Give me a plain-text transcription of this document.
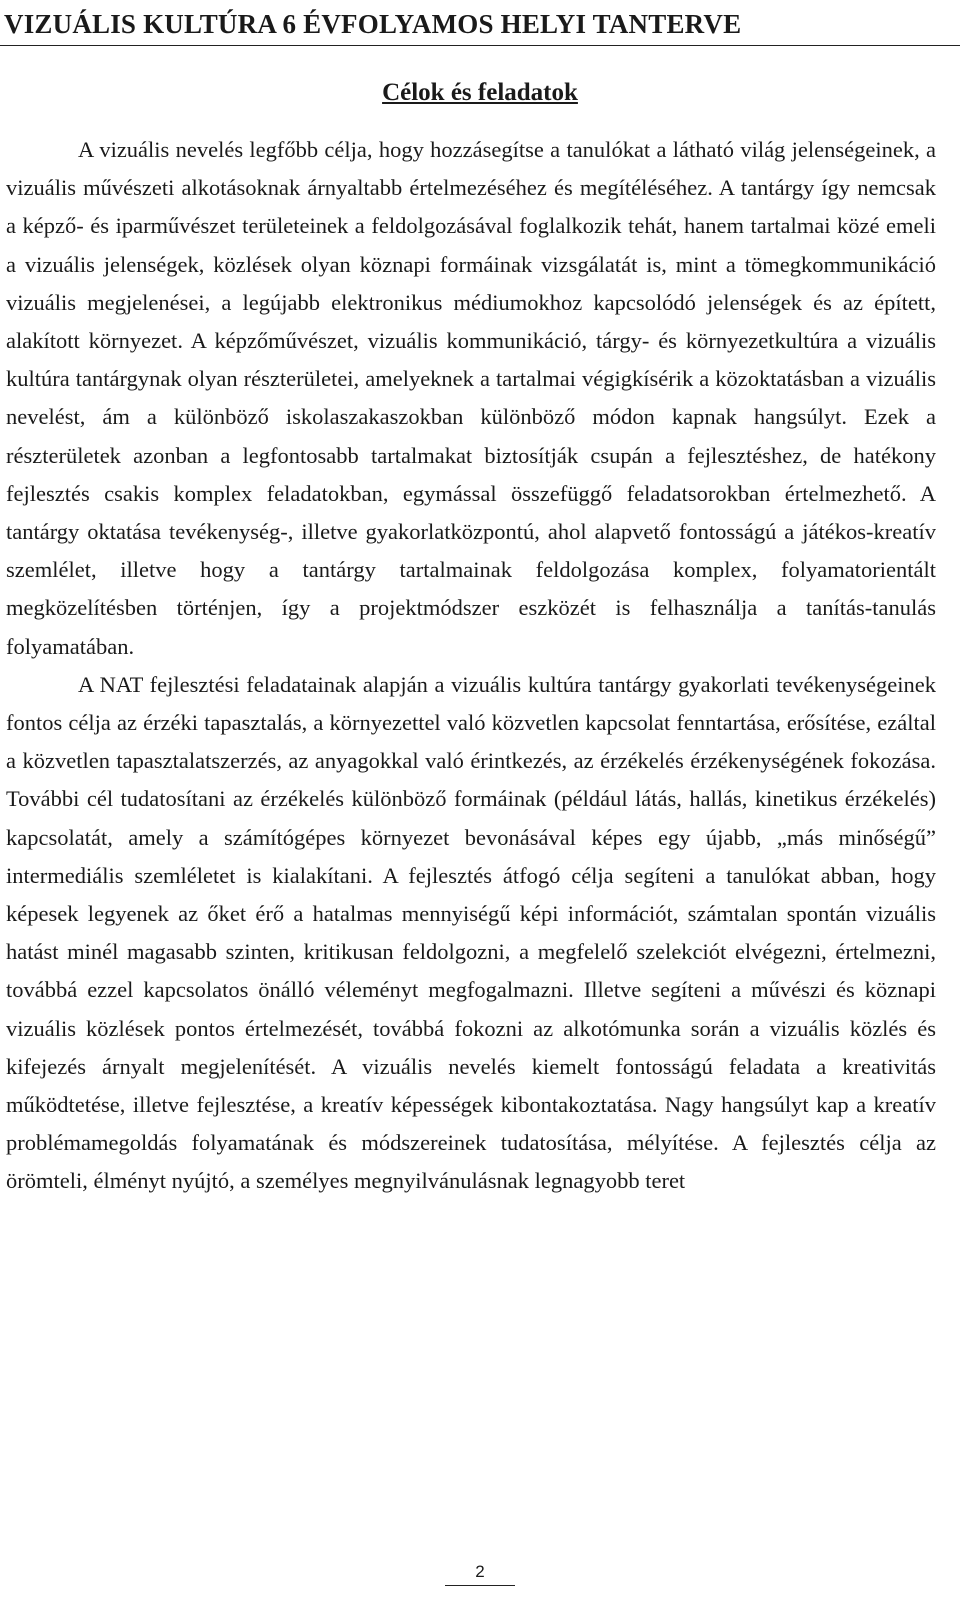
VIZUÁLIS KULTÚRA 6 ÉVFOLYAMOS HELYI TANTERVE
Célok és feladatok

A vizuális nevelés legfőbb célja, hogy hozzásegítse a tanulókat a látható világ jelenségeinek, a vizuális művészeti alkotásoknak árnyaltabb értelmezéséhez és megítéléséhez. A tantárgy így nemcsak a képző- és iparművészet területeinek a feldolgozásával foglalkozik tehát, hanem tartalmai közé emeli a vizuális jelenségek, közlések olyan köznapi formáinak vizsgálatát is, mint a tömegkommunikáció vizuális megjelenései, a legújabb elektronikus médiumokhoz kapcsolódó jelenségek és az épített, alakított környezet. A képzőművészet, vizuális kommunikáció, tárgy- és környezetkultúra a vizuális kultúra tantárgynak olyan részterületei, amelyeknek a tartalmai végigkísérik a közoktatásban a vizuális nevelést, ám a különböző iskolaszakaszokban különböző módon kapnak hangsúlyt. Ezek a részterületek azonban a legfontosabb tartalmakat biztosítják csupán a fejlesztéshez, de hatékony fejlesztés csakis komplex feladatokban, egymással összefüggő feladatsorokban értelmezhető. A tantárgy oktatása tevékenység-, illetve gyakorlatközpontú, ahol alapvető fontosságú a játékos-kreatív szemlélet, illetve hogy a tantárgy tartalmainak feldolgozása komplex, folyamatorientált megközelítésben történjen, így a projektmódszer eszközét is felhasználja a tanítás-tanulás folyamatában.

A NAT fejlesztési feladatainak alapján a vizuális kultúra tantárgy gyakorlati tevékenységeinek fontos célja az érzéki tapasztalás, a környezettel való közvetlen kapcsolat fenntartása, erősítése, ezáltal a közvetlen tapasztalatszerzés, az anyagokkal való érintkezés, az érzékelés érzékenységének fokozása. További cél tudatosítani az érzékelés különböző formáinak (például látás, hallás, kinetikus érzékelés) kapcsolatát, amely a számítógépes környezet bevonásával képes egy újabb, „más minőségű” intermediális szemléletet is kialakítani. A fejlesztés átfogó célja segíteni a tanulókat abban, hogy képesek legyenek az őket érő a hatalmas mennyiségű képi információt, számtalan spontán vizuális hatást minél magasabb szinten, kritikusan feldolgozni, a megfelelő szelekciót elvégezni, értelmezni, továbbá ezzel kapcsolatos önálló véleményt megfogalmazni. Illetve segíteni a művészi és köznapi vizuális közlések pontos értelmezését, továbbá fokozni az alkotómunka során a vizuális közlés és kifejezés árnyalt megjelenítését. A vizuális nevelés kiemelt fontosságú feladata a kreativitás működtetése, illetve fejlesztése, a kreatív képességek kibontakoztatása. Nagy hangsúlyt kap a kreatív problémamegoldás folyamatának és módszereinek tudatosítása, mélyítése. A fejlesztés célja az örömteli, élményt nyújtó, a személyes megnyilvánulásnak legnagyobb teret

2
